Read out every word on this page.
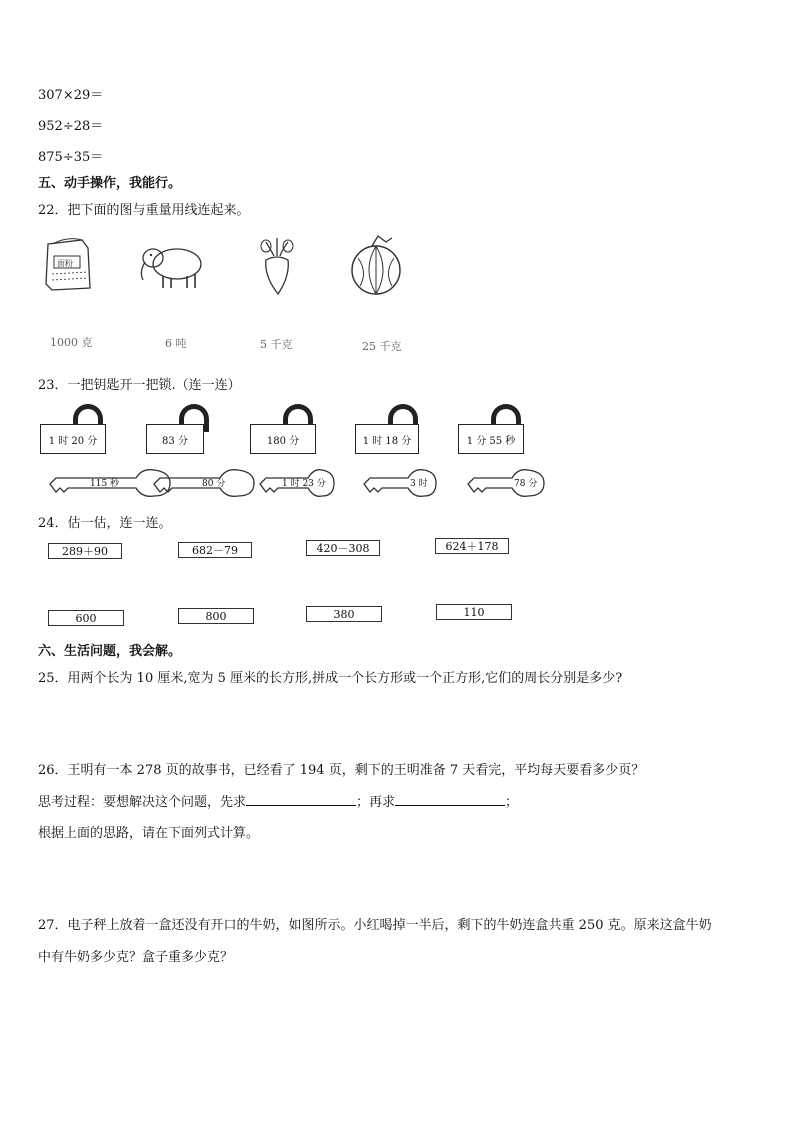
307×29＝
952÷28＝
875÷35＝
五、动手操作，我能行。
22．把下面的图与重量用线连起来。
面粉
1000 克	6 吨	5 千克	25 千克
23．一把钥匙开一把锁.（连一连）
1 时 20 分	83 分	180 分	1 时 18 分	1 分 55 秒
115 秒	80 分	1 时 23 分	3 时	78 分
24．估一估，连一连。
289＋90	682－79	420－308	624＋178
600	800	380	110
六、生活问题，我会解。
25．用两个长为 10 厘米,宽为 5 厘米的长方形,拼成一个长方形或一个正方形,它们的周长分别是多少?
26．王明有一本 278 页的故事书，已经看了 194 页，剩下的王明准备 7 天看完，平均每天要看多少页？
思考过程：要想解决这个问题，先求	；再求	；
根据上面的思路，请在下面列式计算。
27．电子秤上放着一盒还没有开口的牛奶，如图所示。小红喝掉一半后，剩下的牛奶连盒共重 250 克。原来这盒牛奶
中有牛奶多少克？盒子重多少克？
